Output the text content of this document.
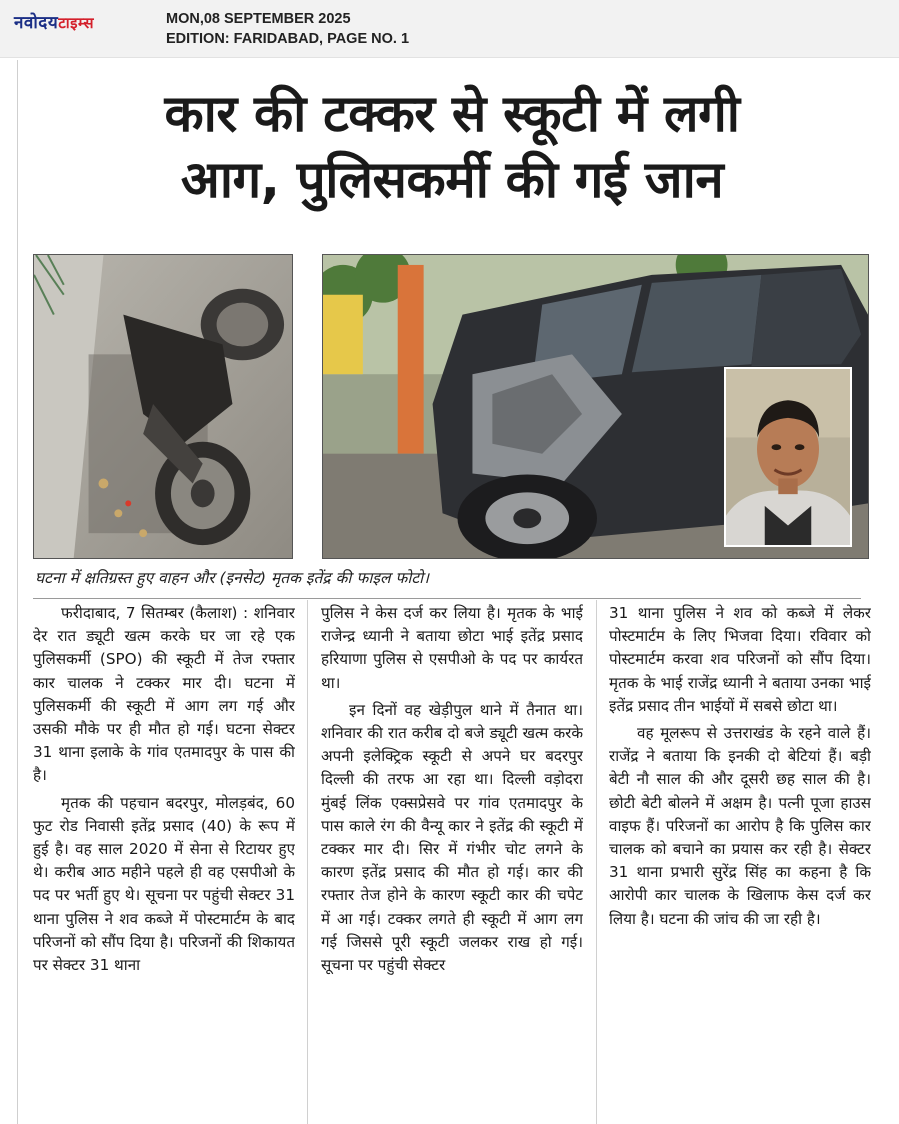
नवोदयटाइम्स	MON,08 SEPTEMBER 2025
EDITION: FARIDABAD, PAGE NO. 1
कार की टक्कर से स्कूटी में लगी
आग, पुलिसकर्मी की गई जान
घटना में क्षतिग्रस्त हुए वाहन और (इनसेट) मृतक इतेंद्र की फाइल फोटो।

फरीदाबाद, 7 सितम्बर (कैलाश) : शनिवार देर रात ड्यूटी खत्म करके घर जा रहे एक पुलिसकर्मी (SPO) की स्कूटी में तेज रफ्तार कार चालक ने टक्कर मार दी। घटना में पुलिसकर्मी की स्कूटी में आग लग गई और उसकी मौके पर ही मौत हो गई। घटना सेक्टर 31 थाना इलाके के गांव एतमादपुर के पास की है।

मृतक की पहचान बदरपुर, मोलड़बंद, 60 फुट रोड निवासी इतेंद्र प्रसाद (40) के रूप में हुई है। वह साल 2020 में सेना से रिटायर हुए थे। करीब आठ महीने पहले ही वह एसपीओ के पद पर भर्ती हुए थे। सूचना पर पहुंची सेक्टर 31 थाना पुलिस ने शव कब्जे में पोस्टमार्टम के बाद परिजनों को सौंप दिया है। परिजनों की शिकायत पर सेक्टर 31 थाना

पुलिस ने केस दर्ज कर लिया है। मृतक के भाई राजेन्द्र ध्यानी ने बताया छोटा भाई इतेंद्र प्रसाद हरियाणा पुलिस से एसपीओ के पद पर कार्यरत था।

इन दिनों वह खेड़ीपुल थाने में तैनात था। शनिवार की रात करीब दो बजे ड्यूटी खत्म करके अपनी इलेक्ट्रिक स्कूटी से अपने घर बदरपुर दिल्ली की तरफ आ रहा था। दिल्ली वड़ोदरा मुंबई लिंक एक्सप्रेसवे पर गांव एतमादपुर के पास काले रंग की वैन्यू कार ने इतेंद्र की स्कूटी में टक्कर मार दी। सिर में गंभीर चोट लगने के कारण इतेंद्र प्रसाद की मौत हो गई। कार की रफ्तार तेज होने के कारण स्कूटी कार की चपेट में आ गई। टक्कर लगते ही स्कूटी में आग लग गई जिससे पूरी स्कूटी जलकर राख हो गई। सूचना पर पहुंची सेक्टर

31 थाना पुलिस ने शव को कब्जे में लेकर पोस्टमार्टम के लिए भिजवा दिया। रविवार को पोस्टमार्टम करवा शव परिजनों को सौंप दिया। मृतक के भाई राजेंद्र ध्यानी ने बताया उनका भाई इतेंद्र प्रसाद तीन भाईयों में सबसे छोटा था।

वह मूलरूप से उत्तराखंड के रहने वाले हैं। राजेंद्र ने बताया कि इनकी दो बेटियां हैं। बड़ी बेटी नौ साल की और दूसरी छह साल की है। छोटी बेटी बोलने में अक्षम है। पत्नी पूजा हाउस वाइफ हैं। परिजनों का आरोप है कि पुलिस कार चालक को बचाने का प्रयास कर रही है। सेक्टर 31 थाना प्रभारी सुरेंद्र सिंह का कहना है कि आरोपी कार चालक के खिलाफ केस दर्ज कर लिया है। घटना की जांच की जा रही है।
